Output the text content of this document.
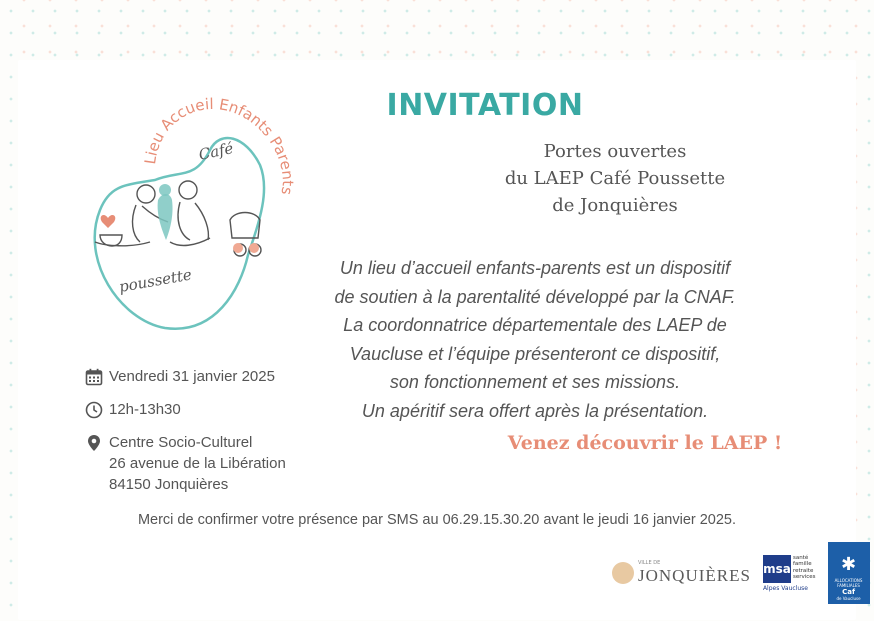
Lieu Accueil Enfants Parents
Café
poussette
INVITATION
Portes ouvertes
du LAEP Café Poussette
de Jonquières
Un lieu d’accueil enfants-parents est un dispositif
de soutien à la parentalité développé par la CNAF.
La coordonnatrice départementale des LAEP de
Vaucluse et l’équipe présenteront ce dispositif,
son fonctionnement et ses missions.
Un apéritif sera offert après la présentation.
Venez découvrir le LAEP !
Vendredi 31 janvier 2025
12h-13h30
Centre Socio-Culturel
26 avenue de la Libération
84150 Jonquières
Merci de confirmer votre présence par SMS au 06.29.15.30.20 avant le jeudi 16 janvier 2025.
VILLE DE
JONQUIÈRES msa
santé
famille
retraite
services
Alpes Vaucluse
✱
ALLOCATIONS FAMILIALES
Caf
de Vaucluse
